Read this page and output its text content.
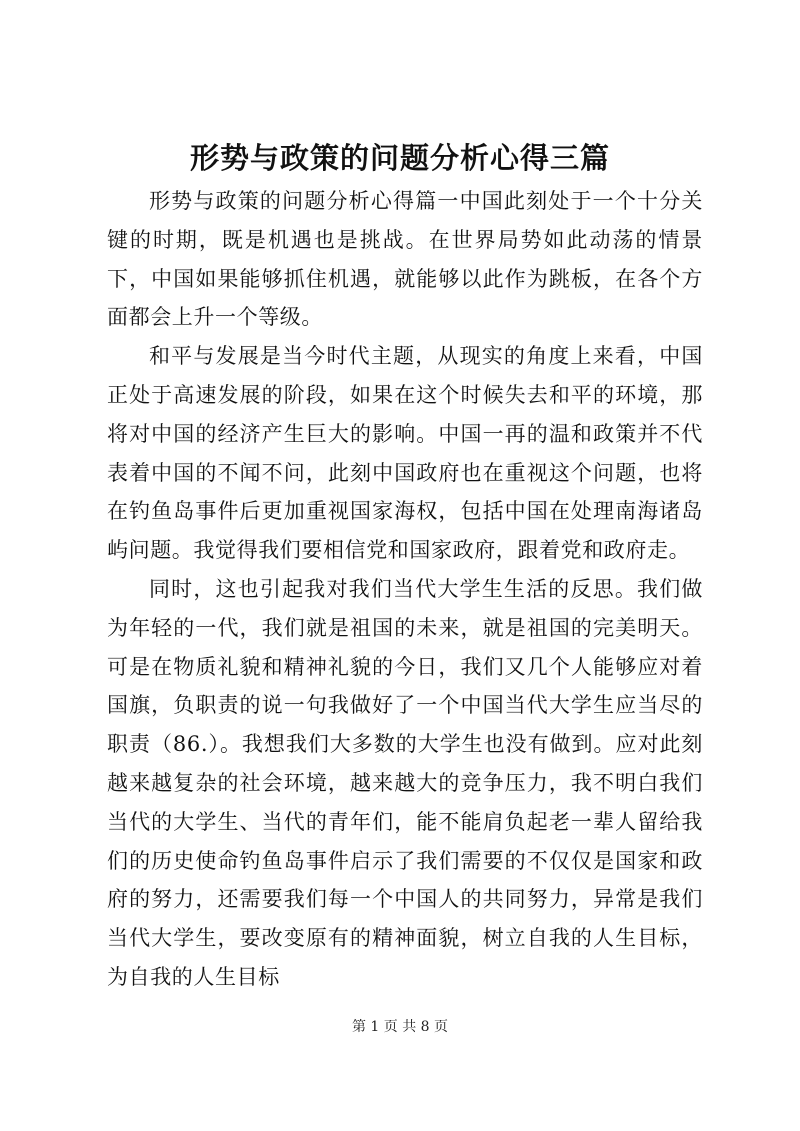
形势与政策的问题分析心得三篇

形势与政策的问题分析心得篇一中国此刻处于一个十分关键的时期，既是机遇也是挑战。在世界局势如此动荡的情景下，中国如果能够抓住机遇，就能够以此作为跳板，在各个方面都会上升一个等级。

和平与发展是当今时代主题，从现实的角度上来看，中国正处于高速发展的阶段，如果在这个时候失去和平的环境，那将对中国的经济产生巨大的影响。中国一再的温和政策并不代表着中国的不闻不问，此刻中国政府也在重视这个问题，也将在钓鱼岛事件后更加重视国家海权，包括中国在处理南海诸岛屿问题。我觉得我们要相信党和国家政府，跟着党和政府走。

同时，这也引起我对我们当代大学生生活的反思。我们做为年轻的一代，我们就是祖国的未来，就是祖国的完美明天。可是在物质礼貌和精神礼貌的今日，我们又几个人能够应对着国旗，负职责的说一句我做好了一个中国当代大学生应当尽的职责（86.）。我想我们大多数的大学生也没有做到。应对此刻越来越复杂的社会环境，越来越大的竞争压力，我不明白我们当代的大学生、当代的青年们，能不能肩负起老一辈人留给我们的历史使命钓鱼岛事件启示了我们需要的不仅仅是国家和政府的努力，还需要我们每一个中国人的共同努力，异常是我们当代大学生，要改变原有的精神面貌，树立自我的人生目标，为自我的人生目标

第 1 页 共 8 页
